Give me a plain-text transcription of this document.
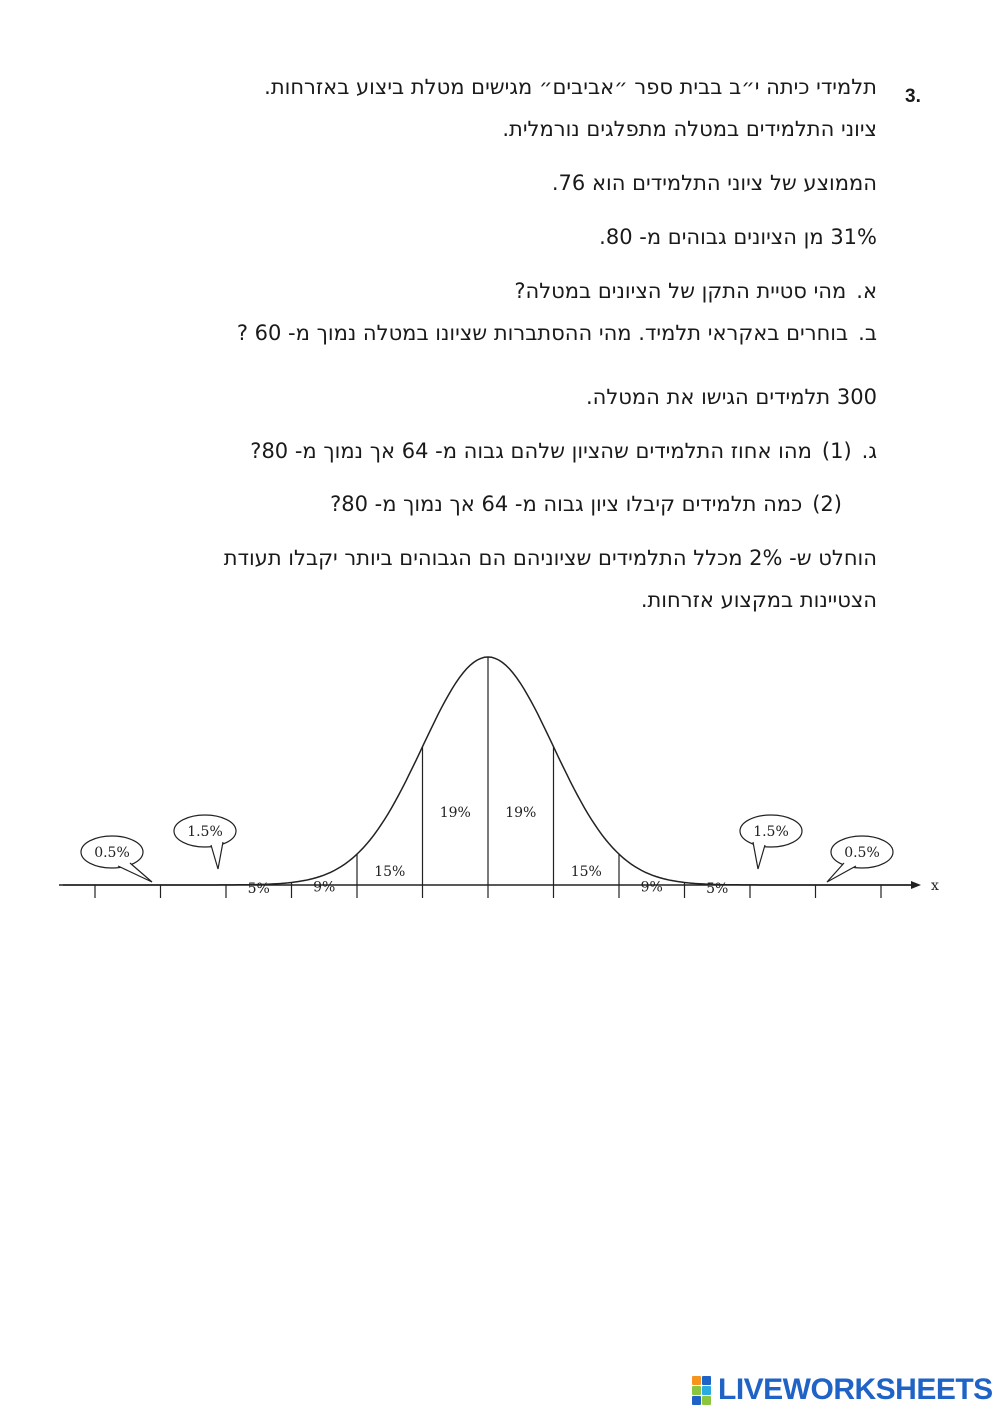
3.
תלמידי כיתה י״ב בבית ספר ״אביבים״ מגישים מטלת ביצוע באזרחות.
ציוני התלמידים במטלה מתפלגים נורמלית.
הממוצע של ציוני התלמידים הוא 76.
31% מן הציונים גבוהים מ- 80.
א.מהי סטיית התקן של הציונים במטלה?
ב.בוחרים באקראי תלמיד. מהי ההסתברות שציונו במטלה נמוך מ- 60 ?
300 תלמידים הגישו את המטלה.
ג.(1)מהו אחוז התלמידים שהציון שלהם גבוה מ- 64 אך נמוך מ- 80?
(2)כמה תלמידים קיבלו ציון גבוה מ- 64 אך נמוך מ- 80?
הוחלט ש- 2% מכלל התלמידים שציוניהם הם הגבוהים ביותר יקבלו תעודת
הצטיינות במקצוע אזרחות.
x
0.5%
1.5%
5%	9%
15%
19% 19%
15%
9%	5%
1.5%
0.5%
LIVEWORKSHEETS
